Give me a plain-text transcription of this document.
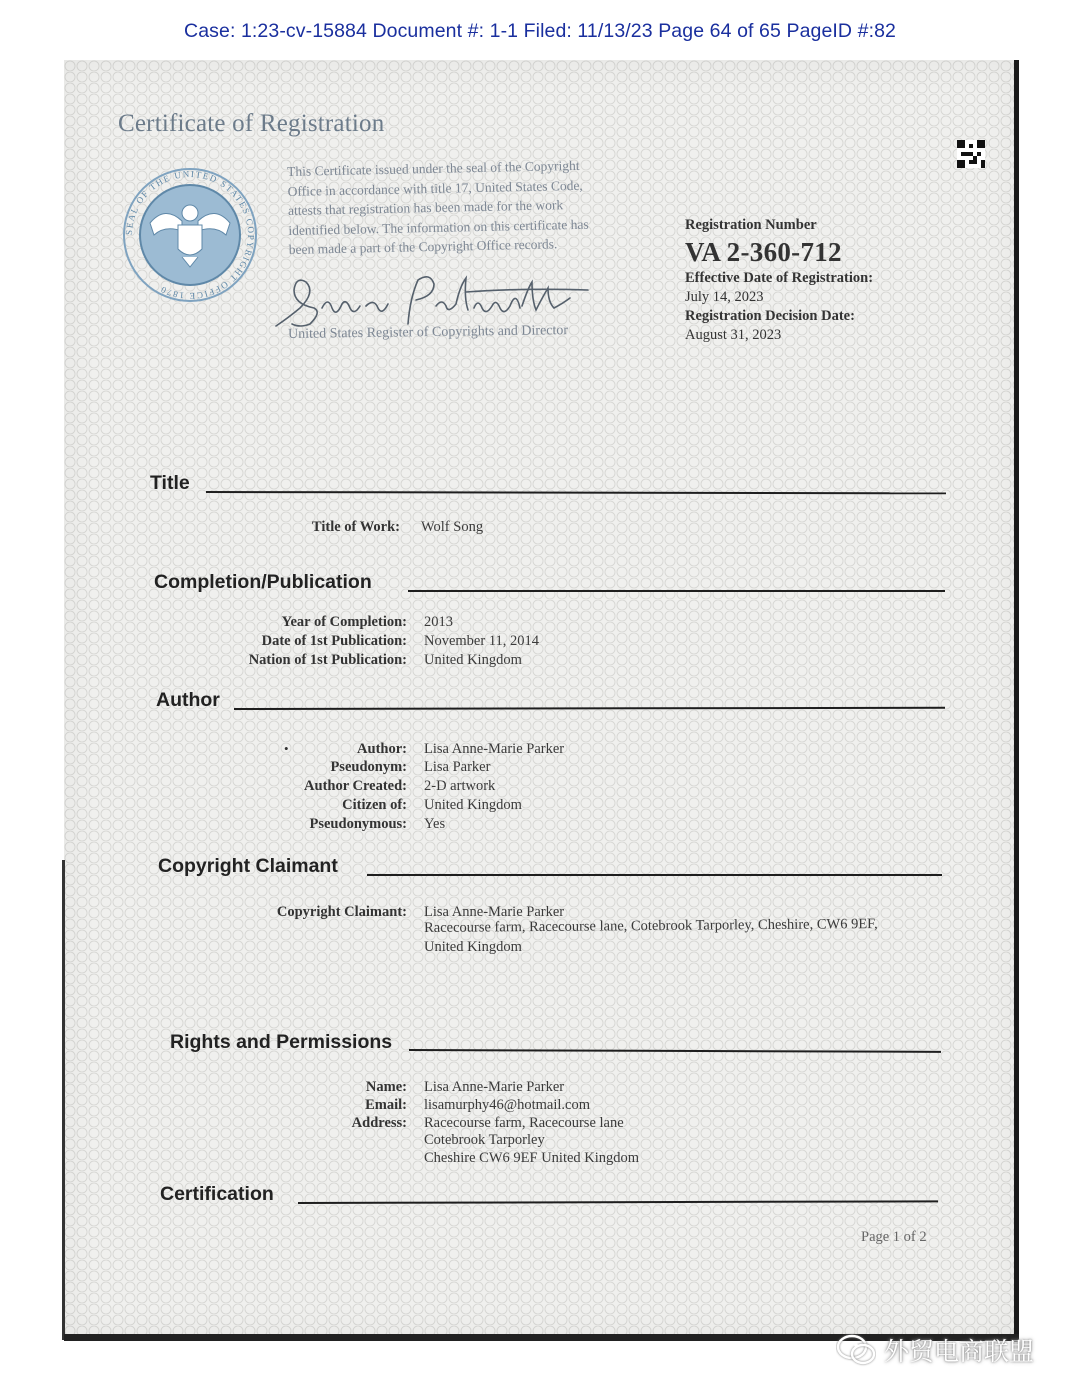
Case: 1:23-cv-15884 Document #: 1-1 Filed: 11/13/23 Page 64 of 65 PageID #:82
Certificate of Registration
SEAL OF THE UNITED STATES COPYRIGHT OFFICE 1870
This Certificate issued under the seal of the Copyright
Office in accordance with title 17, United States Code,
attests that registration has been made for the work
identified below. The information on this certificate has
been made a part of the Copyright Office records.
United States Register of Copyrights and Director
Registration Number
VA 2-360-712
Effective Date of Registration:
July 14, 2023
Registration Decision Date:
August 31, 2023
Title
Title of Work: Wolf Song
Completion/Publication
Year of Completion: 2013
Date of 1st Publication: November 11, 2014
Nation of 1st Publication: United Kingdom
Author
•	Author: Lisa Anne-Marie Parker
Pseudonym: Lisa Parker
Author Created: 2-D artwork
Citizen of: United Kingdom
Pseudonymous: Yes
Copyright Claimant
Copyright Claimant: Lisa Anne-Marie Parker
Racecourse farm, Racecourse lane, Cotebrook Tarporley, Cheshire, CW6 9EF,
United Kingdom
Rights and Permissions
Name: Lisa Anne-Marie Parker
Email: lisamurphy46@hotmail.com
Address: Racecourse farm, Racecourse lane
Cotebrook Tarporley
Cheshire CW6 9EF United Kingdom
Certification
Page 1 of 2
外贸电商联盟
